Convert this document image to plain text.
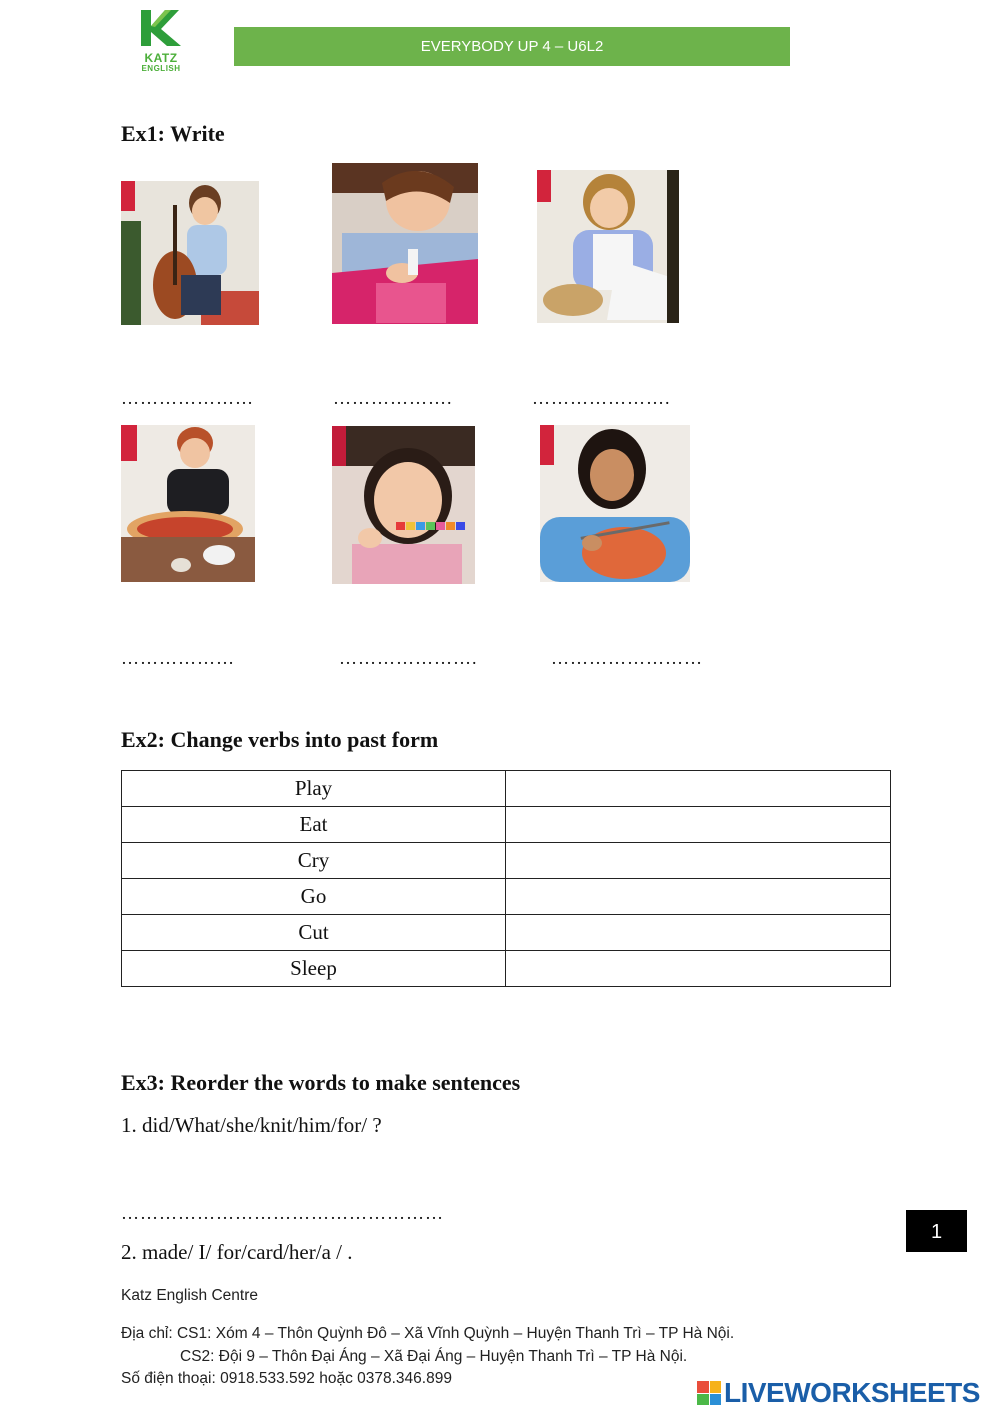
KATZ
ENGLISH
EVERYBODY UP 4 – U6L2
Ex1: Write
…………………	……………….	………………….
………………	………………….	……………………
Ex2: Change verbs into past form
Play	
Eat	
Cry	
Go	
Cut	
Sleep	
Ex3: Reorder the words to make sentences
1. did/What/she/knit/him/for/ ?
……………………………………………
2. made/ I/ for/card/her/a / .
1
Katz English Centre
Địa chỉ: CS1: Xóm 4 – Thôn Quỳnh Đô – Xã Vĩnh Quỳnh – Huyện Thanh Trì – TP Hà Nội.
CS2: Đội 9 – Thôn Đại Áng – Xã Đại Áng – Huyện Thanh Trì – TP Hà Nội.
Số điện thoại: 0918.533.592 hoặc 0378.346.899	LIVEWORKSHEETS
